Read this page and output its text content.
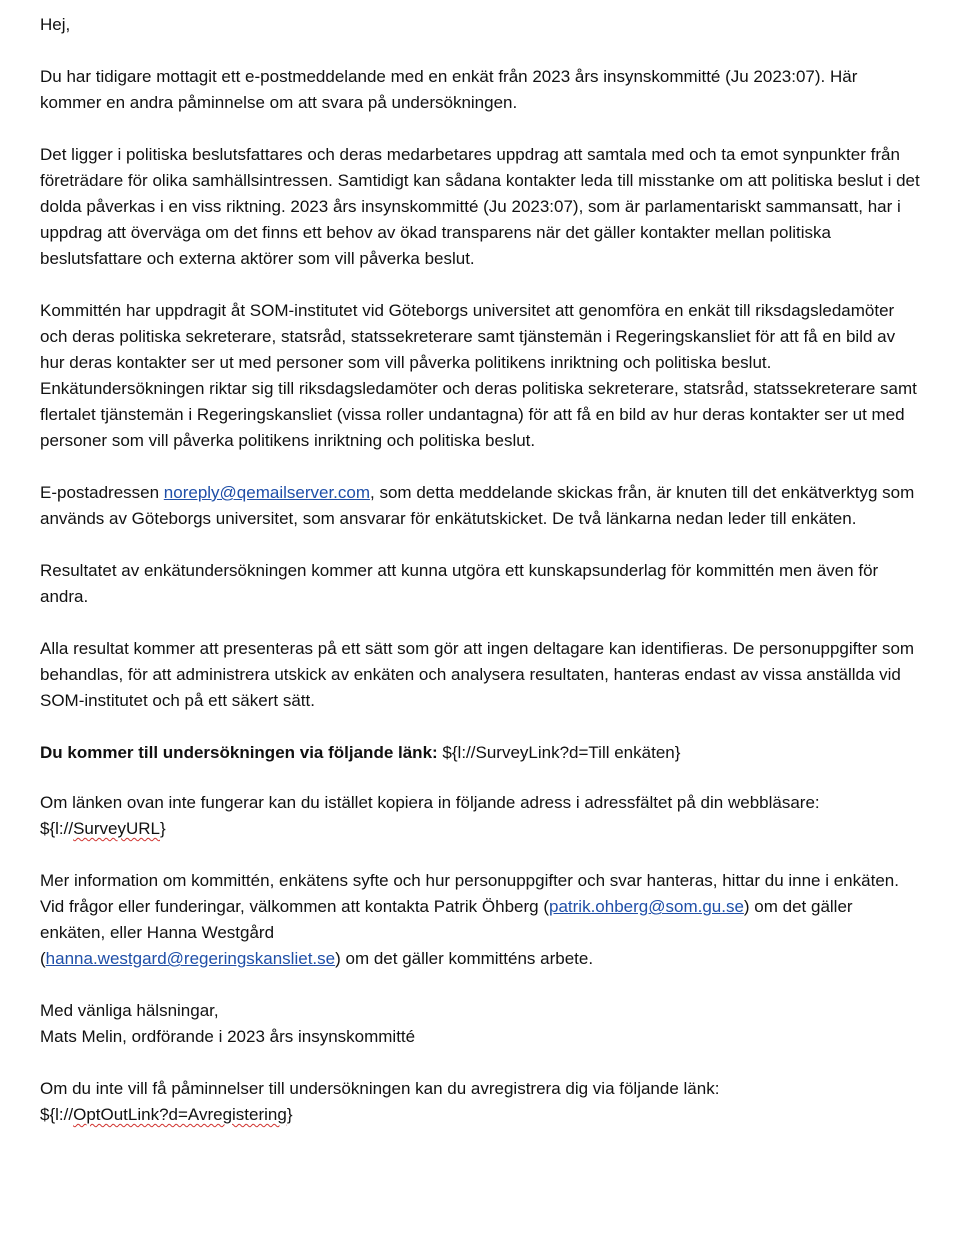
Hej,

Du har tidigare mottagit ett e-postmeddelande med en enkät från 2023 års insynskommitté (Ju 2023:07). Här kommer en andra påminnelse om att svara på undersökningen.

Det ligger i politiska beslutsfattares och deras medarbetares uppdrag att samtala med och ta emot synpunkter från företrädare för olika samhällsintressen. Samtidigt kan sådana kontakter leda till misstanke om att politiska beslut i det dolda påverkas i en viss riktning. 2023 års insynskommitté (Ju 2023:07), som är parlamentariskt sammansatt, har i uppdrag att överväga om det finns ett behov av ökad transparens när det gäller kontakter mellan politiska beslutsfattare och externa aktörer som vill påverka beslut.

Kommittén har uppdragit åt SOM-institutet vid Göteborgs universitet att genomföra en enkät till riksdagsledamöter och deras politiska sekreterare, statsråd, statssekreterare samt tjänstemän i Regeringskansliet för att få en bild av hur deras kontakter ser ut med personer som vill påverka politikens inriktning och politiska beslut. Enkätundersökningen riktar sig till riksdagsledamöter och deras politiska sekreterare, statsråd, statssekreterare samt flertalet tjänstemän i Regeringskansliet (vissa roller undantagna) för att få en bild av hur deras kontakter ser ut med personer som vill påverka politikens inriktning och politiska beslut.

E-postadressen noreply@qemailserver.com, som detta meddelande skickas från, är knuten till det enkätverktyg som används av Göteborgs universitet, som ansvarar för enkätutskicket. De två länkarna nedan leder till enkäten.

Resultatet av enkätundersökningen kommer att kunna utgöra ett kunskapsunderlag för kommittén men även för andra.

Alla resultat kommer att presenteras på ett sätt som gör att ingen deltagare kan identifieras. De personuppgifter som behandlas, för att administrera utskick av enkäten och analysera resultaten, hanteras endast av vissa anställda vid SOM-institutet och på ett säkert sätt.

Du kommer till undersökningen via följande länk: ${l://SurveyLink?d=Till enkäten}

Om länken ovan inte fungerar kan du istället kopiera in följande adress i adressfältet på din webbläsare:
${l://SurveyURL}

Mer information om kommittén, enkätens syfte och hur personuppgifter och svar hanteras, hittar du inne i enkäten. Vid frågor eller funderingar, välkommen att kontakta Patrik Öhberg (patrik.ohberg@som.gu.se) om det gäller enkäten, eller Hanna Westgård
(hanna.westgard@regeringskansliet.se) om det gäller kommitténs arbete.

Med vänliga hälsningar,
Mats Melin, ordförande i 2023 års insynskommitté

Om du inte vill få påminnelser till undersökningen kan du avregistrera dig via följande länk:
${l://OptOutLink?d=Avregistering}
